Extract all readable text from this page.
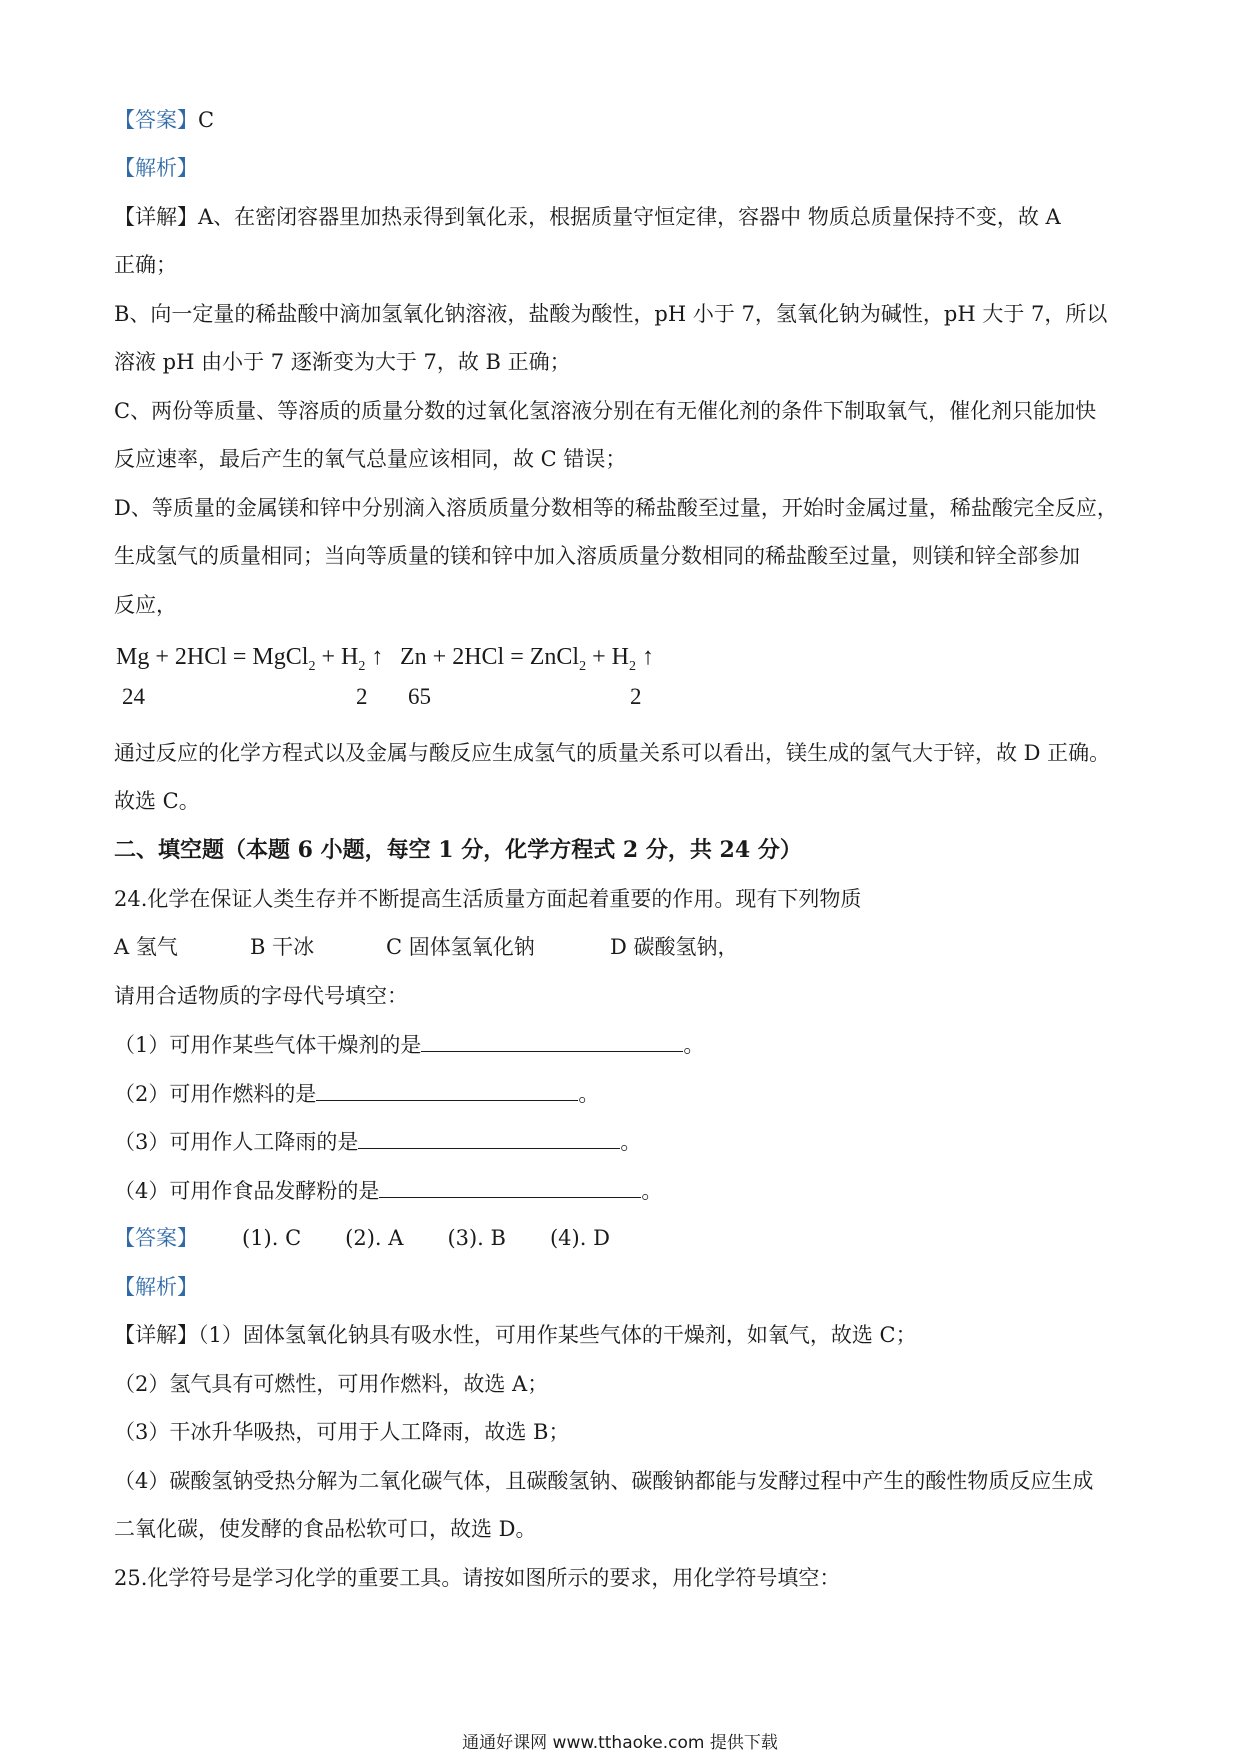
【答案】C
【解析】
【详解】A、在密闭容器里加热汞得到氧化汞，根据质量守恒定律，容器中 物质总质量保持不变，故 A
正确；
B、向一定量的稀盐酸中滴加氢氧化钠溶液，盐酸为酸性，pH 小于 7，氢氧化钠为碱性，pH 大于 7，所以
溶液 pH 由小于 7 逐渐变为大于 7，故 B 正确；
C、两份等质量、等溶质的质量分数的过氧化氢溶液分别在有无催化剂的条件下制取氧气，催化剂只能加快
反应速率，最后产生的氧气总量应该相同，故 C 错误；
D、等质量的金属镁和锌中分别滴入溶质质量分数相等的稀盐酸至过量，开始时金属过量，稀盐酸完全反应，
生成氢气的质量相同；当向等质量的镁和锌中加入溶质质量分数相同的稀盐酸至过量，则镁和锌全部参加
反应，
Mg + 2HCl = MgCl$_2$ + $H_2$ ↑ Zn + 2HCl = ZnCl$_2$ + $H_2$ ↑
24	2 65	2
通过反应的化学方程式以及金属与酸反应生成氢气的质量关系可以看出，镁生成的氢气大于锌，故 D 正确。
故选 C。
二、填空题（本题 6 小题，每空 1 分，化学方程式 2 分，共 24 分）
24.化学在保证人类生存并不断提高生活质量方面起着重要的作用。现有下列物质
A 氢气	B 干冰	C 固体氢氧化钠	D 碳酸氢钠，
请用合适物质的字母代号填空：
（1）可用作某些气体干燥剂的是	。
（2）可用作燃料的是	。
（3）可用作人工降雨的是	。
（4）可用作食品发酵粉的是	。
【答案】 (1). C (2). A (3). B (4). D
【解析】
【详解】（1）固体氢氧化钠具有吸水性，可用作某些气体的干燥剂，如氧气，故选 C；
（2）氢气具有可燃性，可用作燃料，故选 A；
（3）干冰升华吸热，可用于人工降雨，故选 B；
（4）碳酸氢钠受热分解为二氧化碳气体，且碳酸氢钠、碳酸钠都能与发酵过程中产生的酸性物质反应生成
二氧化碳，使发酵的食品松软可口，故选 D。
25.化学符号是学习化学的重要工具。请按如图所示的要求，用化学符号填空：
通通好课网 www.tthaoke.com 提供下载
